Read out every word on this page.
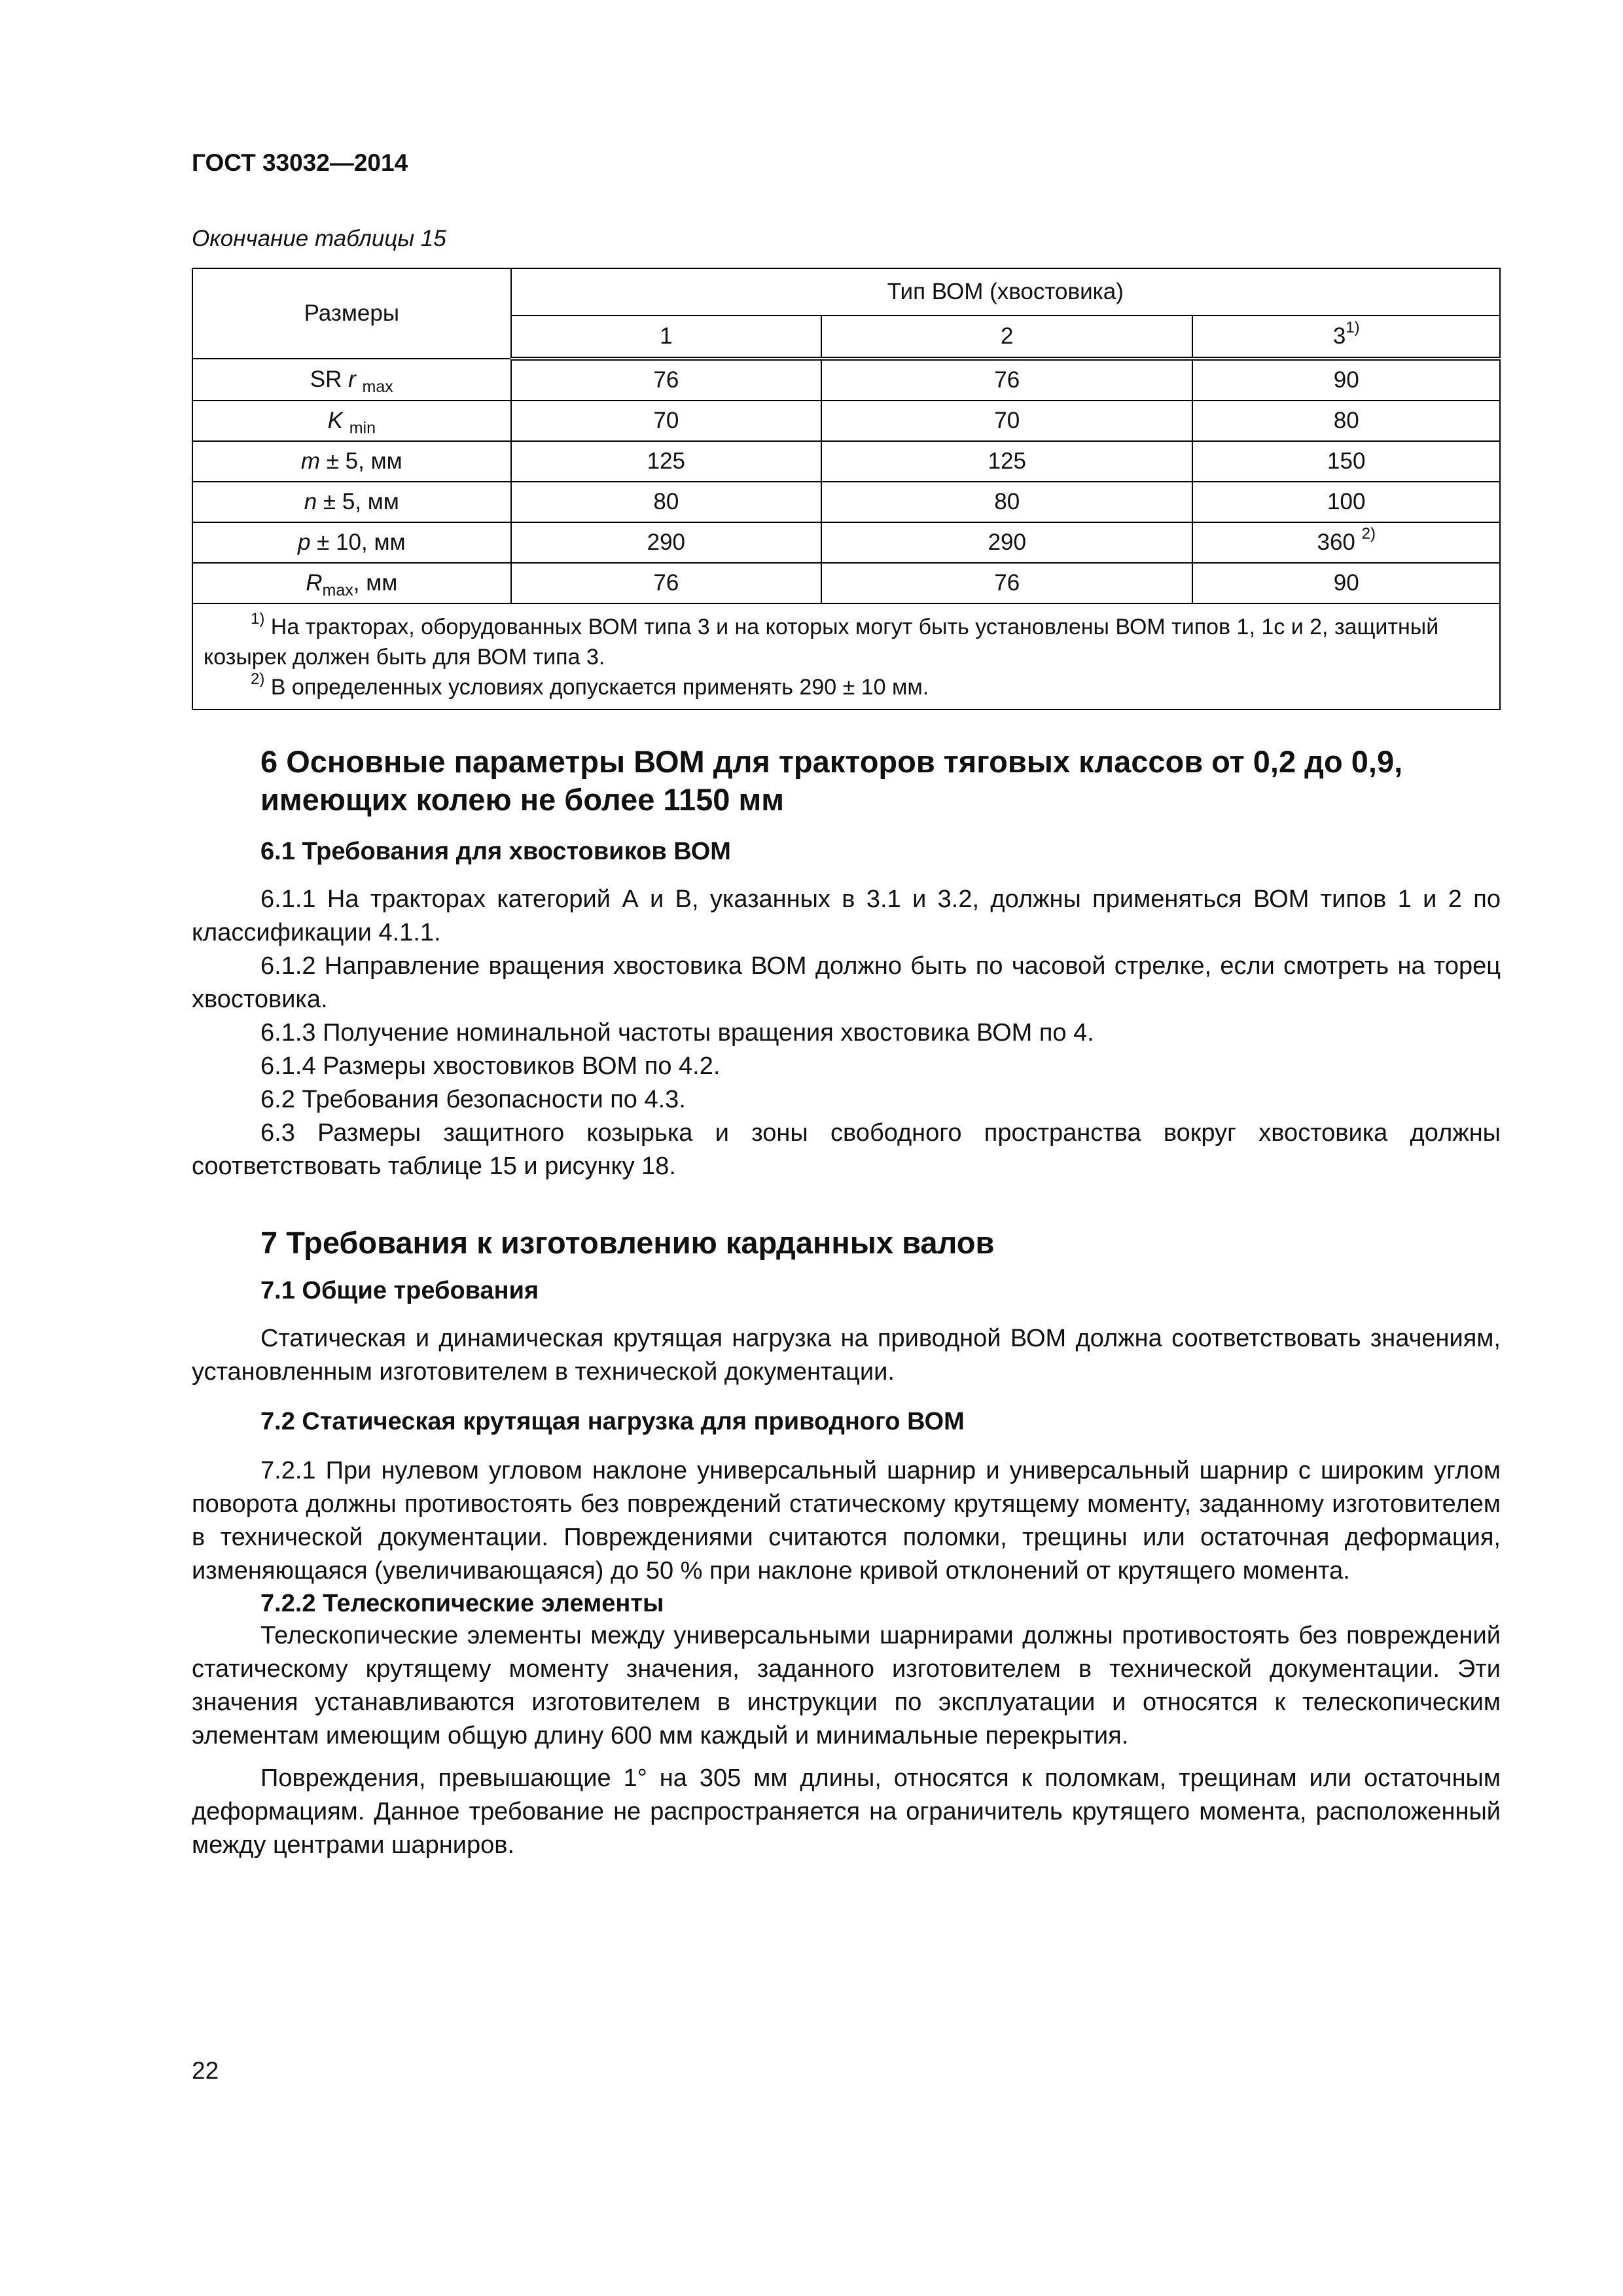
ГОСТ 33032—2014
Окончание таблицы 15
Размеры	Тип ВОМ (хвостовика)		
	1	2	3$^{1)}$
SR r $_{max}$	76	76	90
K $_{min}$	70	70	80
m ± 5, мм	125	125	150
n ± 5, мм	80	80	100
p ± 10, мм	290	290	360 $^{2)}$
$R_{max}$, мм	76	76	90

$^{1)}$ На тракторах, оборудованных ВОМ типа 3 и на которых могут быть установлены ВОМ типов 1, 1с и 2, защитный козырек должен быть для ВОМ типа 3.

$^{2)}$ В определенных условиях допускается применять 290 ± 10 мм.			

6 Основные параметры ВОМ для тракторов тяговых классов от 0,2 до 0,9, имеющих колею не более 1150 мм
6.1 Требования для хвостовиков ВОМ

6.1.1 На тракторах категорий А и В, указанных в 3.1 и 3.2, должны применяться ВОМ типов 1 и 2 по классификации 4.1.1.

6.1.2 Направление вращения хвостовика ВОМ должно быть по часовой стрелке, если смотреть на торец хвостовика.

6.1.3 Получение номинальной частоты вращения хвостовика ВОМ по 4.

6.1.4 Размеры хвостовиков ВОМ по 4.2.

6.2 Требования безопасности по 4.3.

6.3 Размеры защитного козырька и зоны свободного пространства вокруг хвостовика должны соответствовать таблице 15 и рисунку 18.

7 Требования к изготовлению карданных валов
7.1 Общие требования

Статическая и динамическая крутящая нагрузка на приводной ВОМ должна соответствовать значениям, установленным изготовителем в технической документации.

7.2 Статическая крутящая нагрузка для приводного ВОМ

7.2.1 При нулевом угловом наклоне универсальный шарнир и универсальный шарнир с широким углом поворота должны противостоять без повреждений статическому крутящему моменту, заданному изготовителем в технической документации. Повреждениями считаются поломки, трещины или остаточная деформация, изменяющаяся (увеличивающаяся) до 50 % при наклоне кривой отклонений от крутящего момента.

7.2.2 Телескопические элементы

Телескопические элементы между универсальными шарнирами должны противостоять без повреждений статическому крутящему моменту значения, заданного изготовителем в технической документации. Эти значения устанавливаются изготовителем в инструкции по эксплуатации и относятся к телескопическим элементам имеющим общую длину 600 мм каждый и минимальные перекрытия.

Повреждения, превышающие 1° на 305 мм длины, относятся к поломкам, трещинам или остаточным деформациям. Данное требование не распространяется на ограничитель крутящего момента, расположенный между центрами шарниров.

22
